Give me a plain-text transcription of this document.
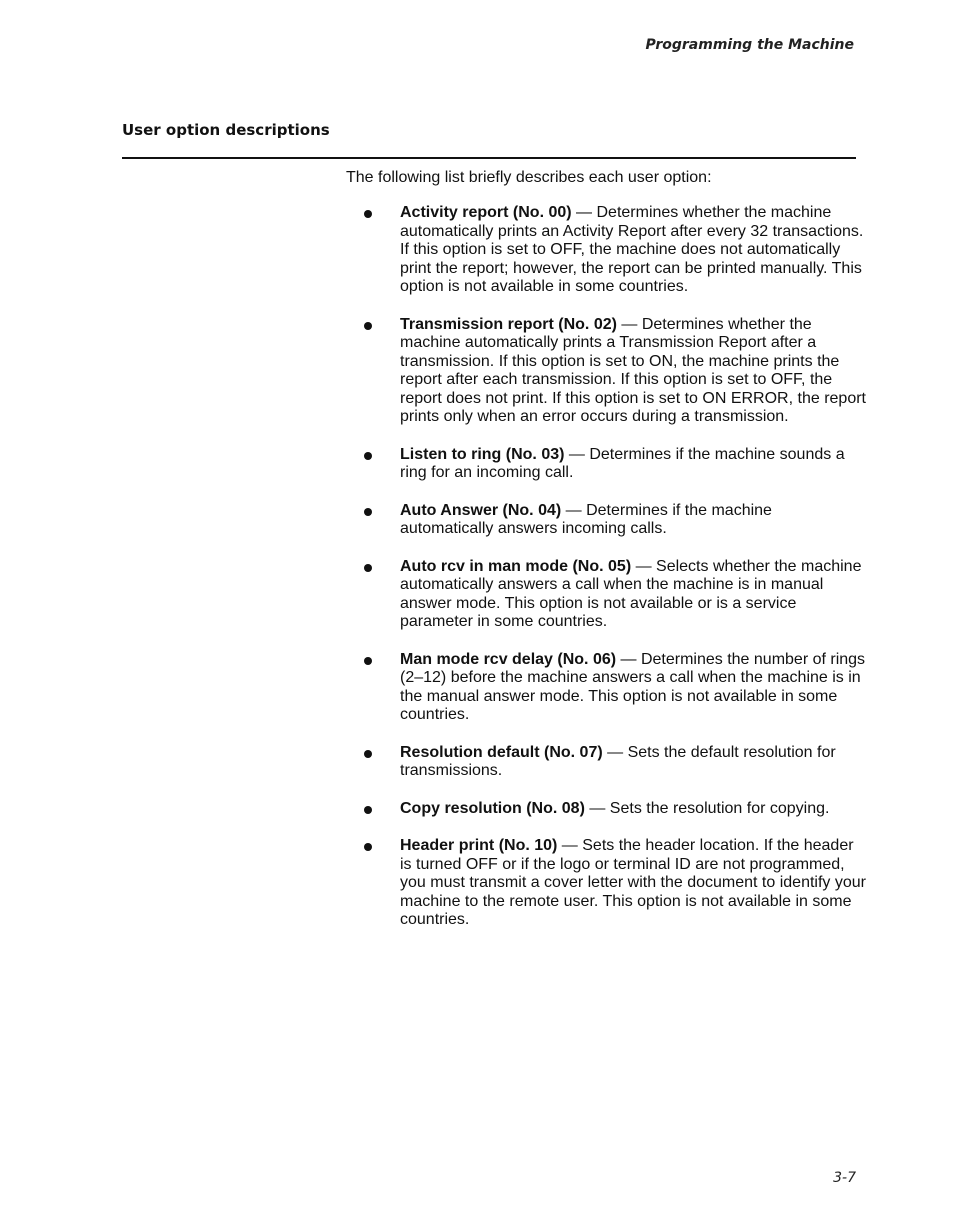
Programming the Machine
User option descriptions
The following list briefly describes each user option:
Activity report (No. 00) — Determines whether the machine automatically prints an Activity Report after every 32 transactions. If this option is set to OFF, the machine does not automatically print the report; however, the report can be printed manually. This option is not available in some countries.
Transmission report (No. 02) — Determines whether the machine automatically prints a Transmission Report after a transmission. If this option is set to ON, the machine prints the report after each transmission. If this option is set to OFF, the report does not print. If this option is set to ON ERROR, the report prints only when an error occurs during a transmission.
Listen to ring (No. 03) — Determines if the machine sounds a ring for an incoming call.
Auto Answer (No. 04) — Determines if the machine automatically answers incoming calls.
Auto rcv in man mode (No. 05) — Selects whether the machine automatically answers a call when the machine is in manual answer mode. This option is not available or is a service parameter in some countries.
Man mode rcv delay (No. 06) — Determines the number of rings (2–12) before the machine answers a call when the machine is in the manual answer mode. This option is not available in some countries.
Resolution default (No. 07) — Sets the default resolution for transmissions.
Copy resolution (No. 08) — Sets the resolution for copying.
Header print (No. 10) — Sets the header location. If the header is turned OFF or if the logo or terminal ID are not programmed, you must transmit a cover letter with the document to identify your machine to the remote user. This option is not available in some countries.
3-7
